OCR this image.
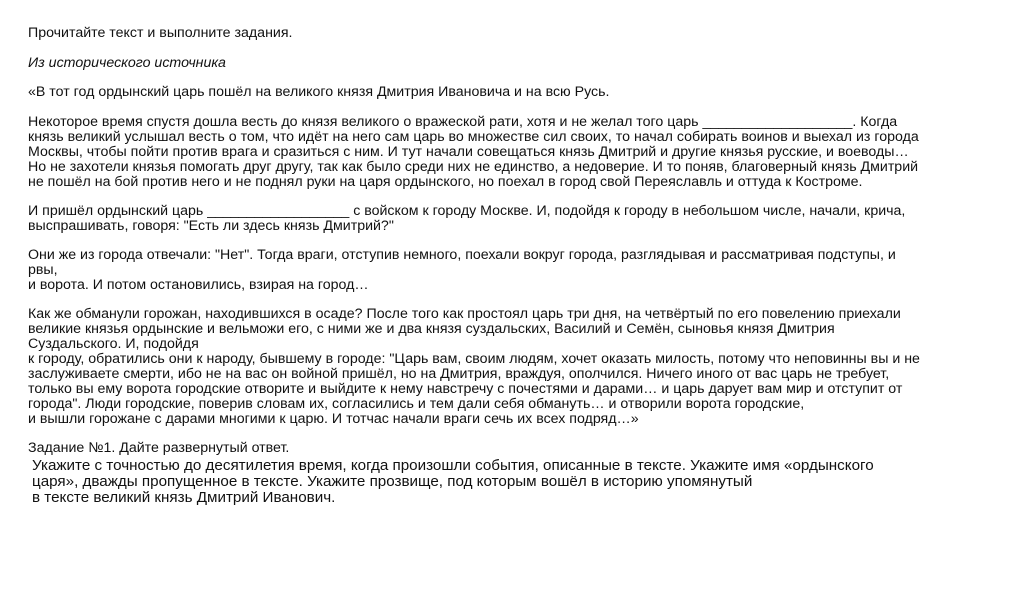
Прочитайте текст и выполните задания.

Из исторического источника

«В тот год ордынский царь пошёл на великого князя Дмитрия Ивановича и на всю Русь.

Некоторое время спустя дошла весть до князя великого о вражеской рати, хотя и не желал того царь ___________________. Когда

князь великий услышал весть о том, что идёт на него сам царь во множестве сил своих, то начал собирать воинов и выехал из города

Москвы, чтобы пойти против врага и сразиться с ним. И тут начали совещаться князь Дмитрий и другие князья русские, и воеводы…

Но не захотели князья помогать друг другу, так как было среди них не единство, а недоверие. И то поняв, благоверный князь Дмитрий

не пошёл на бой против него и не поднял руки на царя ордынского, но поехал в город свой Переяславль и оттуда к Костроме.

И пришёл ордынский царь __________________ с войском к городу Москве. И, подойдя к городу в небольшом числе, начали, крича,

выспрашивать, говоря: "Есть ли здесь князь Дмитрий?"

Они же из города отвечали: "Нет". Тогда враги, отступив немного, поехали вокруг города, разглядывая и рассматривая подступы, и

рвы,

и ворота. И потом остановились, взирая на город…

Как же обманули горожан, находившихся в осаде? После того как простоял царь три дня, на четвёртый по его повелению приехали

великие князья ордынские и вельможи его, с ними же и два князя суздальских, Василий и Семён, сыновья князя Дмитрия

Суздальского. И, подойдя

к городу, обратились они к народу, бывшему в городе: "Царь вам, своим людям, хочет оказать милость, потому что неповинны вы и не

заслуживаете смерти, ибо не на вас он войной пришёл, но на Дмитрия, враждуя, ополчился. Ничего иного от вас царь не требует,

только вы ему ворота городские отворите и выйдите к нему навстречу с почестями и дарами… и царь дарует вам мир и отступит от

города". Люди городские, поверив словам их, согласились и тем дали себя обмануть… и отворили ворота городские,

и вышли горожане с дарами многими к царю. И тотчас начали враги сечь их всех подряд…»

Задание №1. Дайте развернутый ответ.

Укажите с точностью до десятилетия время, когда произошли события, описанные в тексте. Укажите имя «ордынского

царя», дважды пропущенное в тексте. Укажите прозвище, под которым вошёл в историю упомянутый

в тексте великий князь Дмитрий Иванович.
